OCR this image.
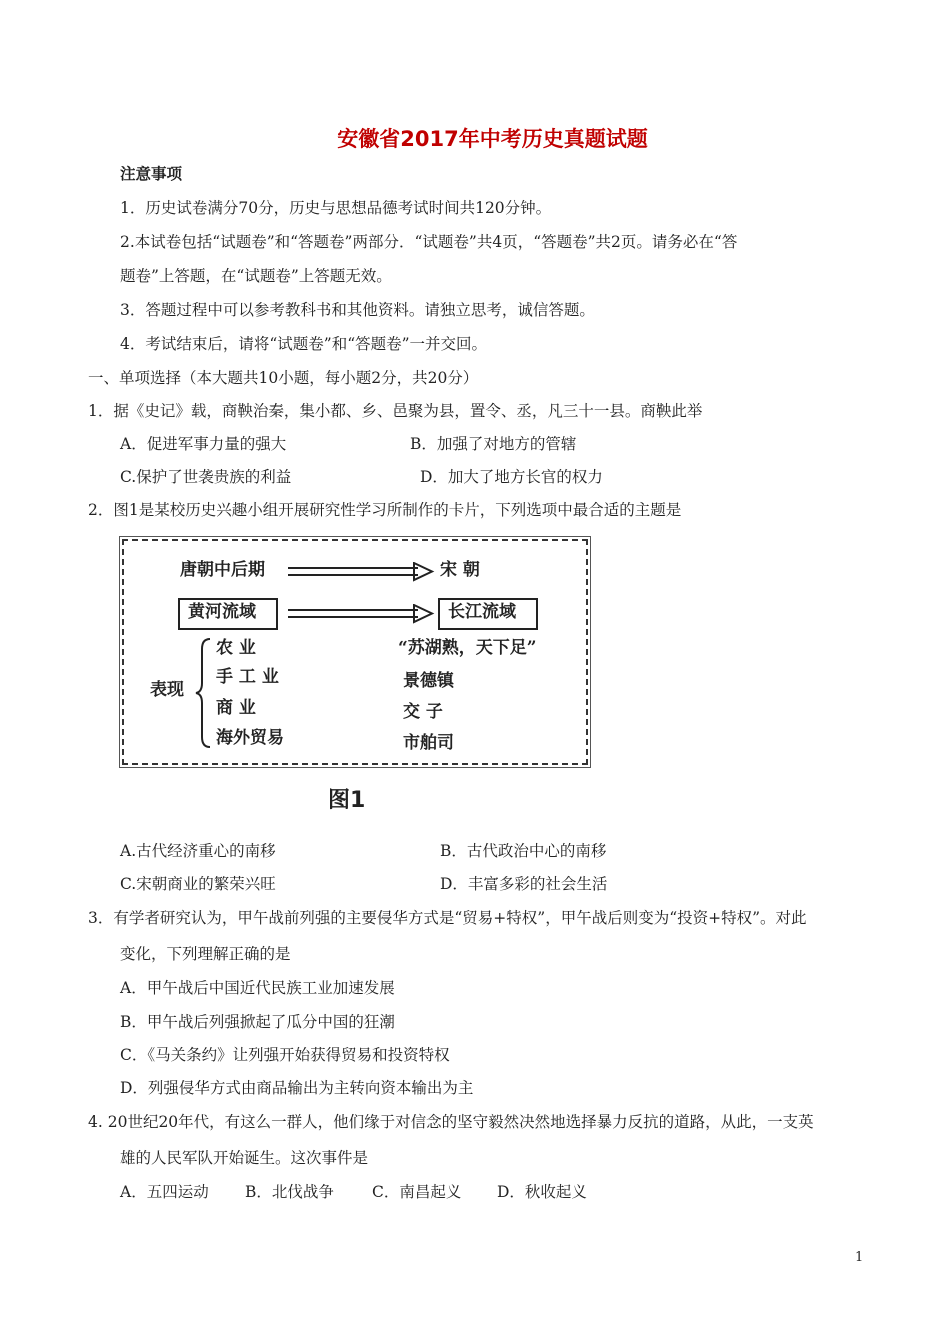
安徽省2017年中考历史真题试题
注意事项
1．历史试卷满分70分，历史与思想品德考试时间共120分钟。
2.本试卷包括“试题卷”和“答题卷”两部分．“试题卷”共4页，“答题卷”共2页。请务必在“答
题卷”上答题，在“试题卷”上答题无效。
3．答题过程中可以参考教科书和其他资料。请独立思考，诚信答题。
4．考试结束后，请将“试题卷”和“答题卷”一并交回。
一、单项选择（本大题共10小题，每小题2分，共20分）
1．据《史记》载，商鞅治秦，集小都、乡、邑聚为县，置令、丞，凡三十一县。商鞅此举
A．促进军事力量的强大	B．加强了对地方的管辖
C.保护了世袭贵族的利益	D．加大了地方长官的权力
2．图1是某校历史兴趣小组开展研究性学习所制作的卡片，下列选项中最合适的主题是
唐朝中后期	宋 朝
黄河流域	长江流域
表现
农 业
手 工 业
商 业
海外贸易
“苏湖熟，天下足”
景德镇
交 子
市舶司
图1
A.古代经济重心的南移	B．古代政治中心的南移
C.宋朝商业的繁荣兴旺	D．丰富多彩的社会生活
3．有学者研究认为，甲午战前列强的主要侵华方式是“贸易+特权”，甲午战后则变为“投资+特权”。对此
变化，下列理解正确的是
A．甲午战后中国近代民族工业加速发展
B．甲午战后列强掀起了瓜分中国的狂潮
C．《马关条约》让列强开始获得贸易和投资特权
D．列强侵华方式由商品输出为主转向资本输出为主
4. 20世纪20年代，有这么一群人，他们缘于对信念的坚守毅然决然地选择暴力反抗的道路，从此，一支英
雄的人民军队开始诞生。这次事件是
A．五四运动 B．北伐战争 C．南昌起义 D．秋收起义
1
